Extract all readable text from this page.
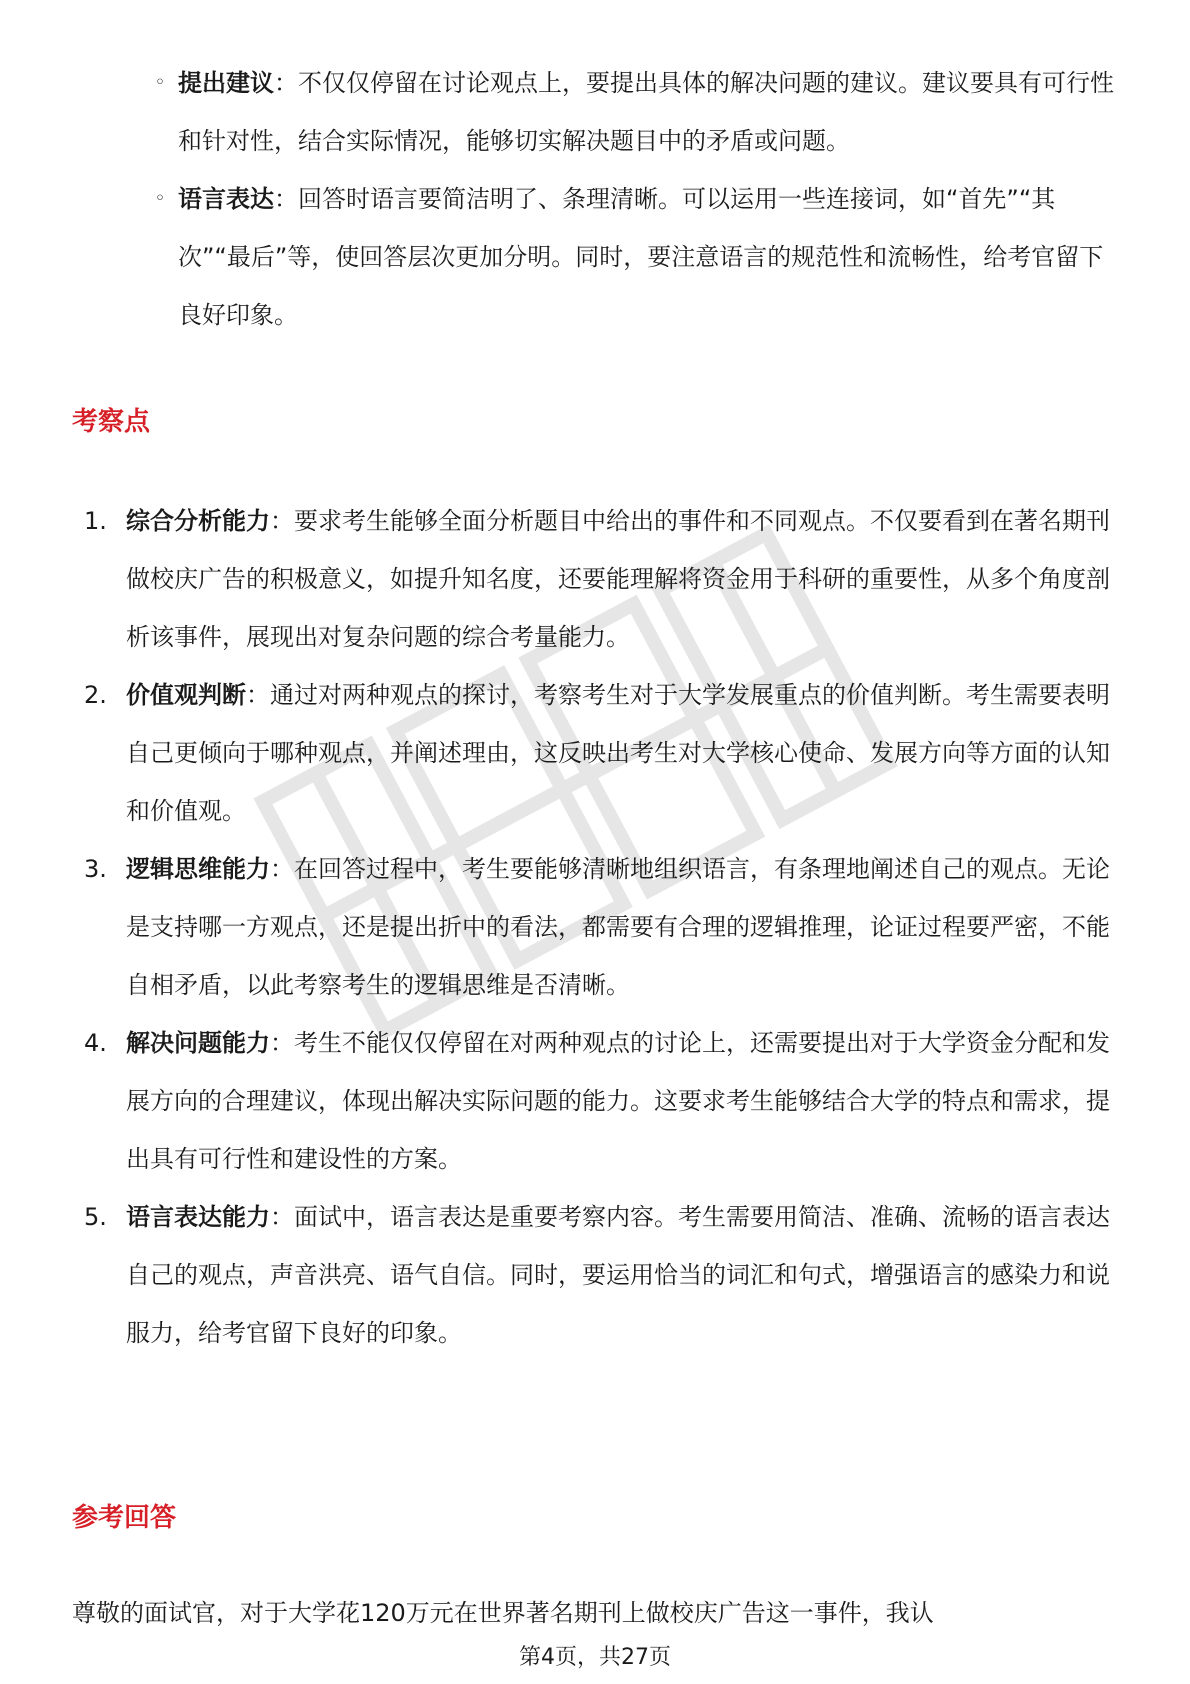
◦ 提出建议：不仅仅停留在讨论观点上，要提出具体的解决问题的建议。建议要具有可行性和针对性，结合实际情况，能够切实解决题目中的矛盾或问题。
◦ 语言表达：回答时语言要简洁明了、条理清晰。可以运用一些连接词，如“首先”“其次”“最后”等，使回答层次更加分明。同时，要注意语言的规范性和流畅性，给考官留下良好印象。
考察点
1. 综合分析能力：要求考生能够全面分析题目中给出的事件和不同观点。不仅要看到在著名期刊做校庆广告的积极意义，如提升知名度，还要能理解将资金用于科研的重要性，从多个角度剖析该事件，展现出对复杂问题的综合考量能力。
2. 价值观判断：通过对两种观点的探讨，考察考生对于大学发展重点的价值判断。考生需要表明自己更倾向于哪种观点，并阐述理由，这反映出考生对大学核心使命、发展方向等方面的认知和价值观。
3. 逻辑思维能力：在回答过程中，考生要能够清晰地组织语言，有条理地阐述自己的观点。无论是支持哪一方观点，还是提出折中的看法，都需要有合理的逻辑推理，论证过程要严密，不能自相矛盾，以此考察考生的逻辑思维是否清晰。
4. 解决问题能力：考生不能仅仅停留在对两种观点的讨论上，还需要提出对于大学资金分配和发展方向的合理建议，体现出解决实际问题的能力。这要求考生能够结合大学的特点和需求，提出具有可行性和建设性的方案。
5. 语言表达能力：面试中，语言表达是重要考察内容。考生需要用简洁、准确、流畅的语言表达自己的观点，声音洪亮、语气自信。同时，要运用恰当的词汇和句式，增强语言的感染力和说服力，给考官留下良好的印象。
参考回答
尊敬的面试官，对于大学花120万元在世界著名期刊上做校庆广告这一事件，我认
第4页，共27页
